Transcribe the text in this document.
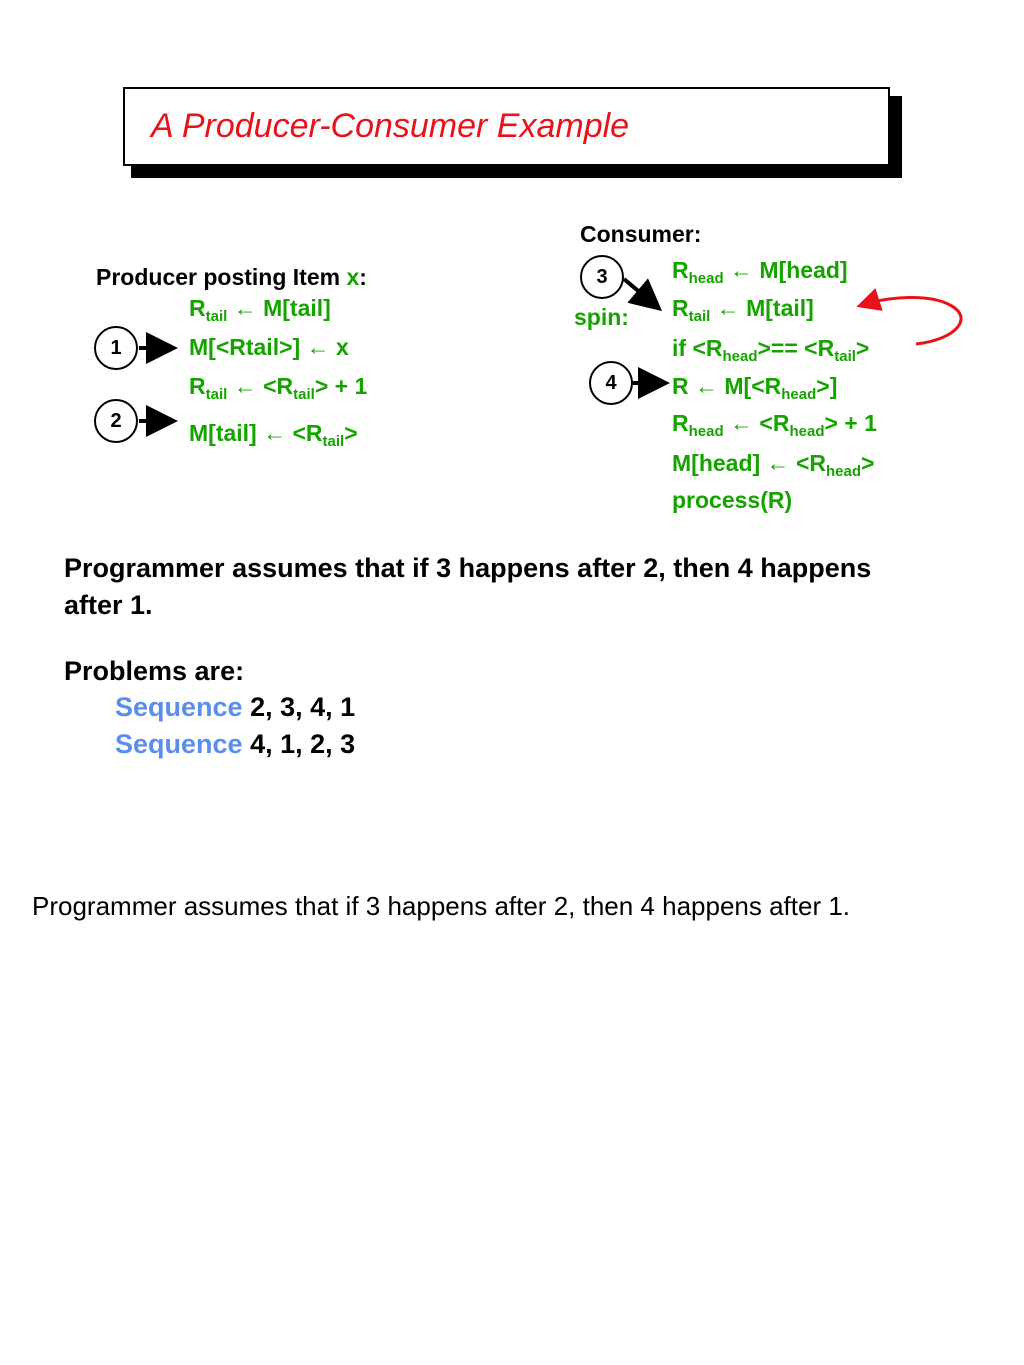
A Producer-Consumer Example
Producer posting Item x:
$R_{tail}$ ← M[tail]
M[<Rtail>] ← x
$R_{tail}$ ← $<R_{tail}> + 1$
M[tail] ← $<R_{tail}>$
1
2
Consumer:
spin:
$R_{head}$ ← M[head]
$R_{tail}$ ← M[tail]
if $<R_{head}>== <R_{tail}>$
R ← $M[<R_{head}>]$
$R_{head}$ ← $<R_{head}> + 1$
M[head] ← $<R_{head}>$
process(R)
3
4
Programmer assumes that if 3 happens after 2, then 4 happens
after 1.
Problems are:
Sequence 2, 3, 4, 1
Sequence 4, 1, 2, 3
Programmer assumes that if 3 happens after 2, then 4 happens after 1.
